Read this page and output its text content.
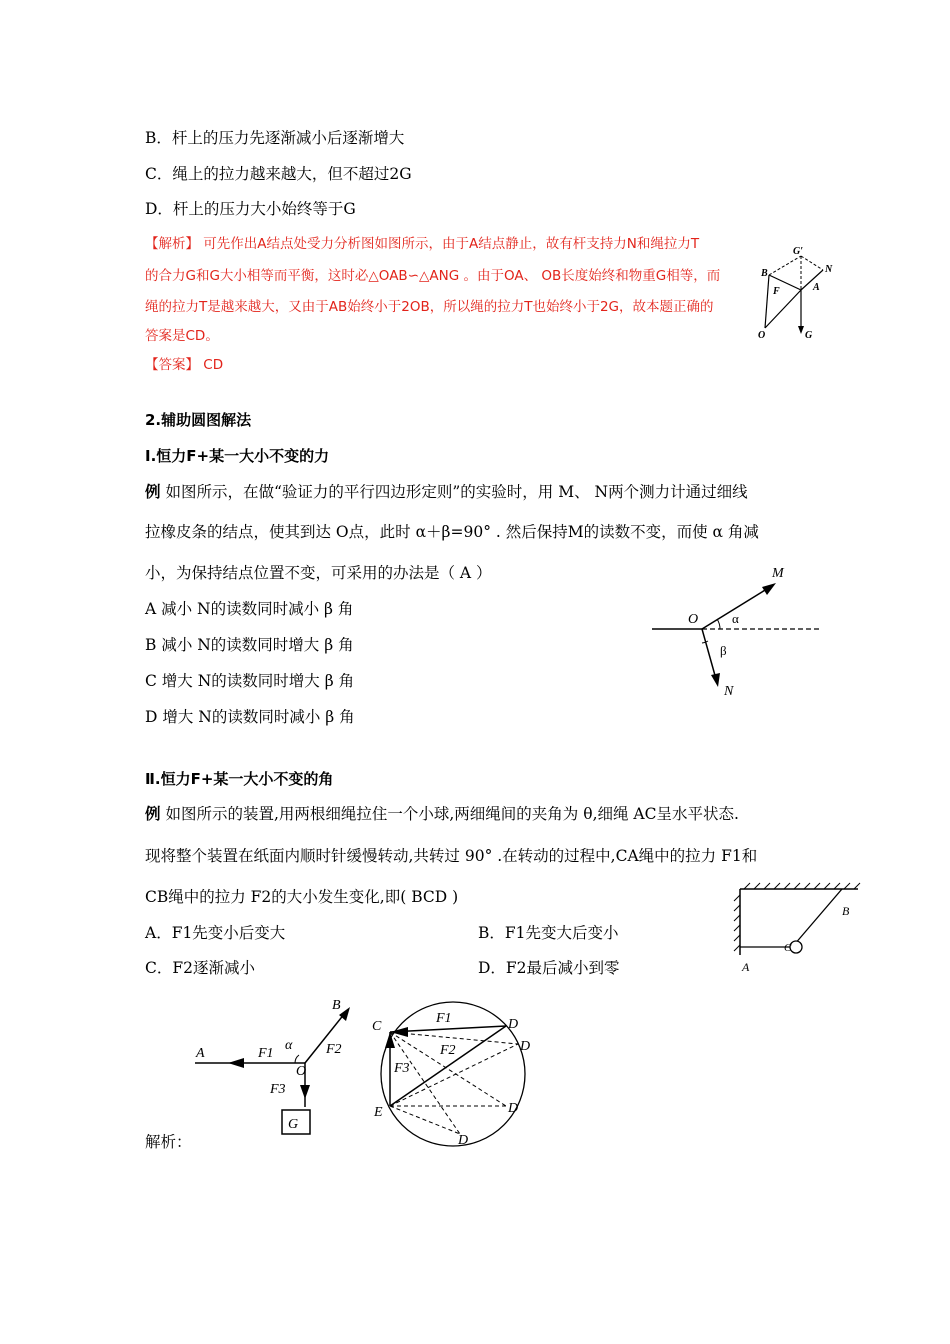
B．杆上的压力先逐渐减小后逐渐增大
C．绳上的拉力越来越大，但不超过2G
D．杆上的压力大小始终等于G
【解析】 可先作出A结点处受力分析图如图所示，由于A结点静止，故有杆支持力N和绳拉力T
的合力G和G大小相等而平衡，这时必△OAB∽△ANG 。由于OA、 OB长度始终和物重G相等，而
绳的拉力T是越来越大，又由于AB始终小于2OB，所以绳的拉力T也始终小于2G，故本题正确的
答案是CD。
【答案】 CD
B
G′
N
F	A
O	G
2.辅助圆图解法
Ⅰ.恒力F+某一大小不变的力
例 如图所示，在做“验证力的平行四边形定则”的实验时，用 M、 N两个测力计通过细线
拉橡皮条的结点，使其到达 O点，此时 α＋β=90° . 然后保持M的读数不变，而使 α 角减
小，为保持结点位置不变，可采用的办法是（ A ）
A 减小 N的读数同时减小 β 角
B 减小 N的读数同时增大 β 角
C 增大 N的读数同时增大 β 角
D 增大 N的读数同时减小 β 角
M
O	α
β
N
Ⅱ.恒力F+某一大小不变的角
例 如图所示的装置,用两根细绳拉住一个小球,两细绳间的夹角为 θ,细绳 AC呈水平状态.
现将整个装置在纸面内顺时针缓慢转动,共转过 90° .在转动的过程中,CA绳中的拉力 F1和
CB绳中的拉力 F2的大小发生变化,即( BCD )
A．F1先变小后变大	B．F1先变大后变小
C．F2逐渐减小	D．F2最后减小到零
B
C
A
A	F1
α
B
F2
O
F3
G
C
F1	D
D
F2
F3
E	D
D
解析：
